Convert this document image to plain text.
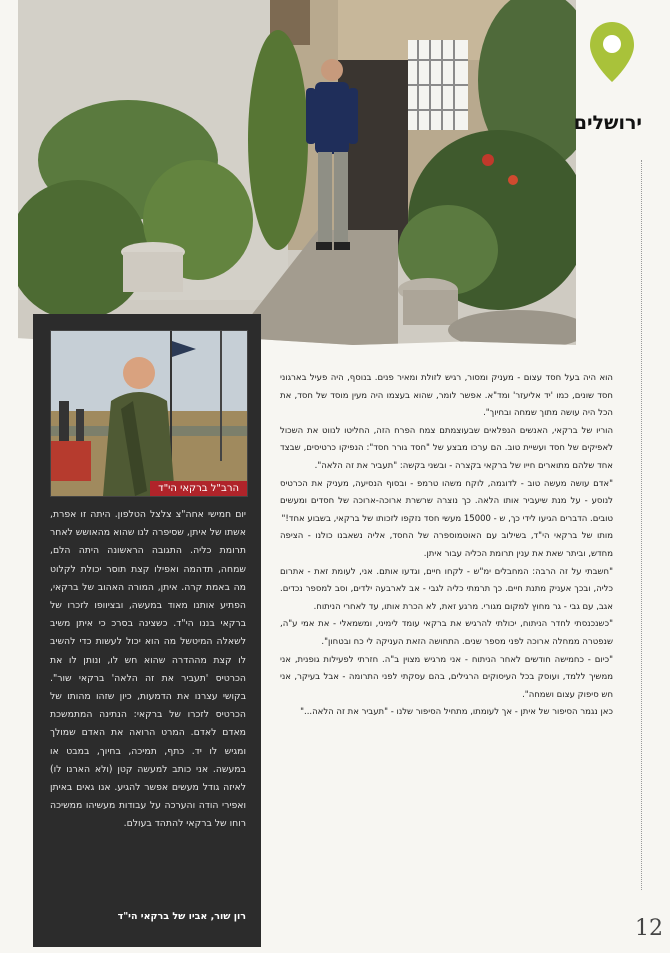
ירושלים
הרב"ל ברקאי הי"ד

יום חמישי אחה"צ צלצל הטלפון. היתה זו אפרת, אשתו של איתן, שסיפרה לנו שהוא מהאושש לאחר תרומת כליה. התגובה הראשונה היתה הלם, שמחה, תדהמה ואפילו קצת תוסר יכולת לקלוט מה באמת קרה. איתן, המורה האהוב של ברקאי, הפתיע אותנו מאוד במעשה, ובציוופו לזכרו של ברקאי בננו הי"ד. כשצינה בסרכ כי איתן משיב לשאלה המיטשל מה הוא יכול לעשות כדי להשיב לו קצת מההדרה שהוא חש לו, ונותן לו את הכרטיס 'תעביר את זה הלאה' ברקאי שור". בקושי עצרנו את הדמעות, כיון שזהו מהותו של הכרטיס לזכרו של ברקאי: הנתינה המתמשכת מאדם לאדם. המרט הרואה את האדם שמולך ומגיש לו יד. כתף, תמיכה, בחיוך, במבט או במעשה. אני כותב למעשה קטן (ולא הארנו לו) לאיזה גודל מעשים אפשר להגיע. אנו גאים באיתן ואפירי הודה והערכה על עבודות מעשיהו ממשיכה רוחו של ברקאי להתהד בעולם.

רון שור, אביו של ברקאי הי"ד

הוא היה בעל חסד עצום - מעניק ומסור, רגיש לזולת ומאיר פנים. בנוסף, היה פעיל בארגוני חסד שונים, כמו 'יד אליעזר' ומד"א. אפשר לומר, שהוא בעצמו היה מעין מוסד של חסד, את הכל היה עושה מתוך שמחה ובחיוך".

הוריו של ברקאי, האנשים הנפלאים שבעוצמתם צמח הפרח הזה, החליטו לנווט את השכול לאפיקים של חסד ועשיית טוב. הם ערכו מבצע של "חסד גורר חסד": הנפיקו כרטיסים, שבצד אחד שלהם מתוארים חייו של ברקאי בקצרה - ובשני בקשה: "תעביר את זה הלאה".

"אדם עושה מעשה טוב - לדוגמה, לוקח משהו טרמפ - ובסוף הנסיעה, מעניק את הכרטיס לנוסע - על מנת שיעביר אותו הלאה. כך נוצרה שרשרת ארוכה-ארוכה של חסדים ומעשים טובים. הדברים הגיעו לידי כך, ש - 15000 מעשי חסד נזקפו לזכותו של ברקאי, בשבוע אחד!"

מותו של ברקאי הי"ד, בשילוב עם האוטמוספרה של החסד, אליה נשאבנו כולנו - הציפה מחדש, וביתר שאת את ענין תרומת הכליה עבור איתן.

"חשבתי על זה הרבה: המחבלים ימ"ש - לקחו חיים, וגדעו אותם. אני, לעומת זאת - אתרום כליה, ובכך אעניק מתנת חיים. כך תרמתי כליה לגבי - אב לארבעה ילדים, וסב למספר נכדים. אגב, עם גבי - גר מחוץ למקום מגורי. מרגע זאת, לא הכרת אותו, עד לאחרי הניתוח.

"כשנכנסתי לחדר הניתוח, יכולתי להרגיש את ברקאי עומד לימיני, ומשמאלי - את אמי ע"ה, שנפטרה ממחלה ארוכה לפני מספר שנים. התחושה הזאת העניקה לי כח ובטחון".

"כיום - כחמישה חודשים לאחר הניתוח - אני מרגיש מצוין ב"ה. חזרתי לפעילות גופנית, אני ממשיך ללמד, ועוסק בכל העיסוקים הרגילים, בהם עסקתי לפני התרומה - אבל בעיקר, אני חש סיפוק עצום ושמחה".

כאן נגמר הסיפור של איתן - אך לעומתו, מתחיל הסיפור שלנו - "תעביר את זה הלאה..."

12
